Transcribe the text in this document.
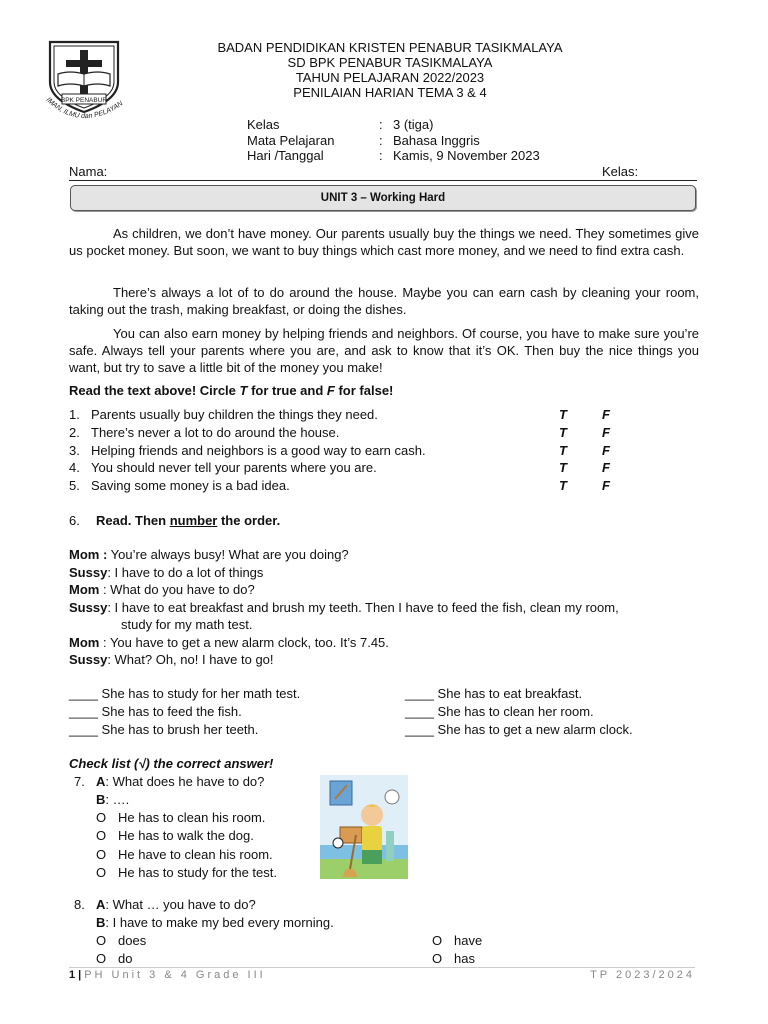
BPK PENABUR
IMAN, ILMU dan PELAYAN
BADAN PENDIDIKAN KRISTEN PENABUR TASIKMALAYA
SD BPK PENABUR TASIKMALAYA
TAHUN PELAJARAN 2022/2023
PENILAIAN HARIAN TEMA 3 & 4
Kelas	: 3 (tiga)
Mata Pelajaran	: Bahasa Inggris
Hari /Tanggal	: Kamis, 9 November 2023
Nama:	Kelas:
UNIT 3 – Working Hard
As children, we don’t have money. Our parents usually buy the things we need. They sometimes give us pocket money. But soon, we want to buy things which cast more money, and we need to find extra cash.
There’s always a lot of to do around the house. Maybe you can earn cash by cleaning your room, taking out the trash, making breakfast, or doing the dishes.
You can also earn money by helping friends and neighbors. Of course, you have to make sure you’re safe. Always tell your parents where you are, and ask to know that it’s OK. Then buy the nice things you want, but try to save a little bit of the money you make!
Read the text above! Circle T for true and F for false!
1. Parents usually buy children the things they need.	T	F
2. There’s never a lot to do around the house.	T	F
3. Helping friends and neighbors is a good way to earn cash.	T	F
4. You should never tell your parents where you are.	T	F
5. Saving some money is a bad idea.	T	F
6. Read. Then number the order.
Mom : You’re always busy! What are you doing?
Sussy: I have to do a lot of things
Mom : What do you have to do?
Sussy: I have to eat breakfast and brush my teeth. Then I have to feed the fish, clean my room,
study for my math test.
Mom : You have to get a new alarm clock, too. It’s 7.45.
Sussy: What? Oh, no! I have to go!
____ She has to study for her math test.	____ She has to eat breakfast.
____ She has to feed the fish.	____ She has to clean her room.
____ She has to brush her teeth.	____ She has to get a new alarm clock.
Check list (√) the correct answer!
7. A: What does he have to do?
B: ….
O He has to clean his room.
O He has to walk the dog.
O He have to clean his room.
O He has to study for the test.
8. A: What … you have to do?
B: I have to make my bed every morning.
O does	O have
O do	O has
1|PH Unit 3 & 4 Grade III	TP 2023/2024
